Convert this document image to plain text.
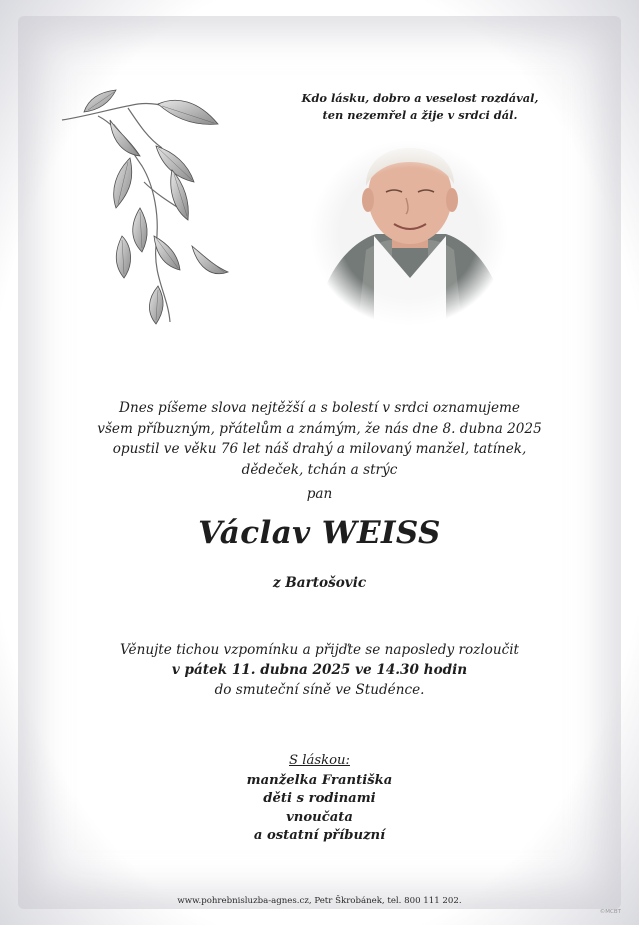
Kdo lásku, dobro a veselost rozdával,
ten nezemřel a žije v srdci dál.
Dnes píšeme slova nejtěžší a s bolestí v srdci oznamujeme
všem příbuzným, přátelům a známým, že nás dne 8. dubna 2025
opustil ve věku 76 let náš drahý a milovaný manžel, tatínek,
dědeček, tchán a strýc
pan
Václav WEISS
z Bartošovic
Věnujte tichou vzpomínku a přijďte se naposledy rozloučit
v pátek 11. dubna 2025 ve 14.30 hodin
do smuteční síně ve Studénce.
S láskou:
manželka Františka
děti s rodinami
vnoučata
a ostatní příbuzní
www.pohrebnisluzba-agnes.cz, Petr Škrobánek, tel. 800 111 202.
©MCBT
